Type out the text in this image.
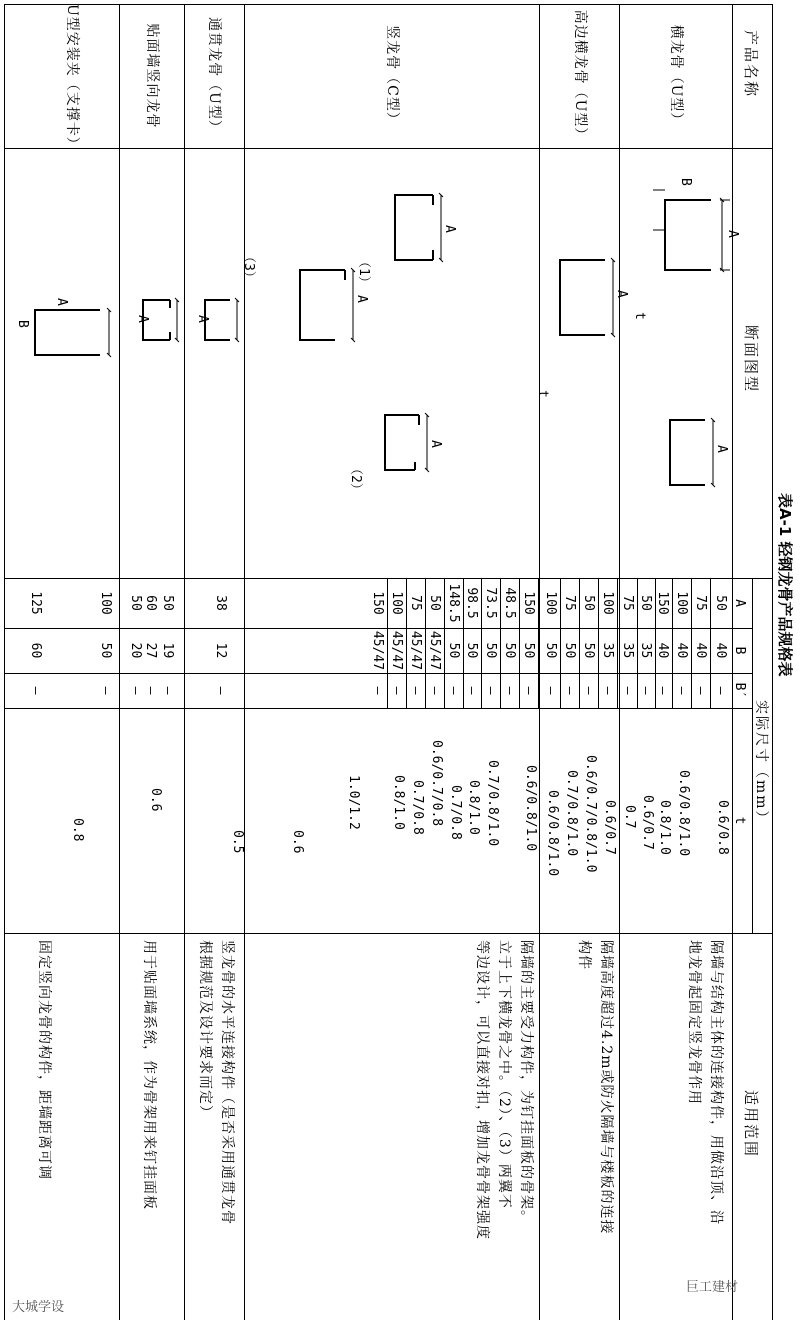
表A-1 轻钢龙骨产品规格表
产品名称
断面图型
实际尺寸（mm）
A
B
B′
t
适用范围
横龙骨（U型）
高边横龙骨（U型）
竖龙骨（C型）
通贯龙骨（U型）
贴面墙竖向龙骨
U型安装夹（支撑卡）
50
40
—
75
40
—
100
40
—
150
40
—
50
35
—
75
35
—
100
35
—
50
50
—
75
50
—
100
50
—
150
50
—
48.5
50
—
73.5
50
—
98.5
50
—
148.5
50
—
50
45/47
—
75
45/47
—
100
45/47
—
150
45/47
—
38
12
—
60
27
—
50
19
—
50
20
—
100
50
—
125
60
—
0.6/0.8
0.6/0.8/1.0
0.8/1.0
0.6/0.7
0.7
0.6/0.7
0.6/0.7/0.8/1.0
0.7/0.8/1.0
0.6/0.8/1.0
0.6/0.8/1.0
0.7/0.8/1.0
0.8/1.0
0.7/0.8
0.6/0.7/0.8
0.7/0.8
0.8/1.0
1.0/1.2
0.6
0.5
0.6
0.8
隔墙与结构主体的连接构件，用做沿顶、沿
地龙骨起固定竖龙骨作用
隔墙高度超过4.2m或防火隔墙与楼板的连接
构件
隔墙的主要受力构件，为钉挂面板的骨架。
立于上下横龙骨之中。（2）、（3）两翼不
等边设计，可以直接对扣，增加龙骨骨架强度
竖龙骨的水平连接构件（是否采用通贯龙骨
根据规范及设计要求而定）
用于贴面墙系统，作为骨架用来钉挂面板
固定竖向龙骨的构件，距墙距离可调
A
B
A
A
A
（1）
A
（3）
A
（2）
A
A
B
A
t
t
巨工建材
大城学设
